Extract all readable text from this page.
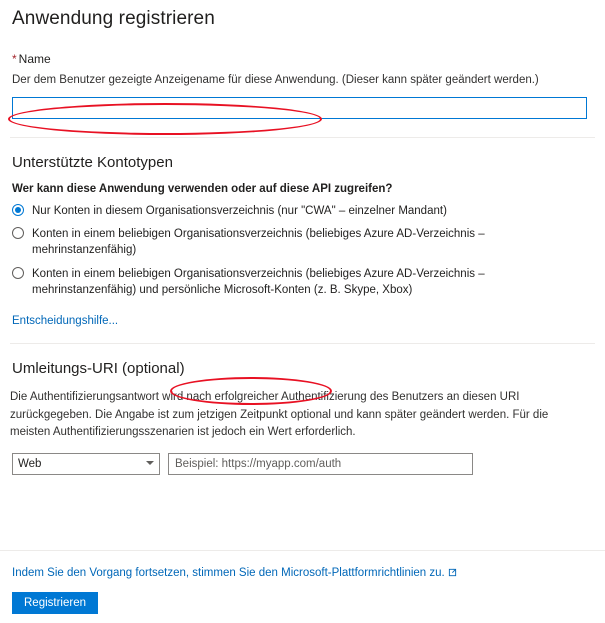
Anwendung registrieren
* Name
Der dem Benutzer gezeigte Anzeigename für diese Anwendung. (Dieser kann später geändert werden.)
Unterstützte Kontotypen
Wer kann diese Anwendung verwenden oder auf diese API zugreifen?
Nur Konten in diesem Organisationsverzeichnis (nur "CWA" – einzelner Mandant)
Konten in einem beliebigen Organisationsverzeichnis (beliebiges Azure AD-Verzeichnis – mehrinstanzenfähig)
Konten in einem beliebigen Organisationsverzeichnis (beliebiges Azure AD-Verzeichnis – mehrinstanzenfähig) und persönliche Microsoft-Konten (z. B. Skype, Xbox)
Entscheidungshilfe...
Umleitungs-URI (optional)
Die Authentifizierungsantwort wird nach erfolgreicher Authentifizierung des Benutzers an diesen URI zurückgegeben. Die Angabe ist zum jetzigen Zeitpunkt optional und kann später geändert werden. Für die meisten Authentifizierungsszenarien ist jedoch ein Wert erforderlich.
Web
Beispiel: https://myapp.com/auth
Indem Sie den Vorgang fortsetzen, stimmen Sie den Microsoft-Plattformrichtlinien zu.
Registrieren
